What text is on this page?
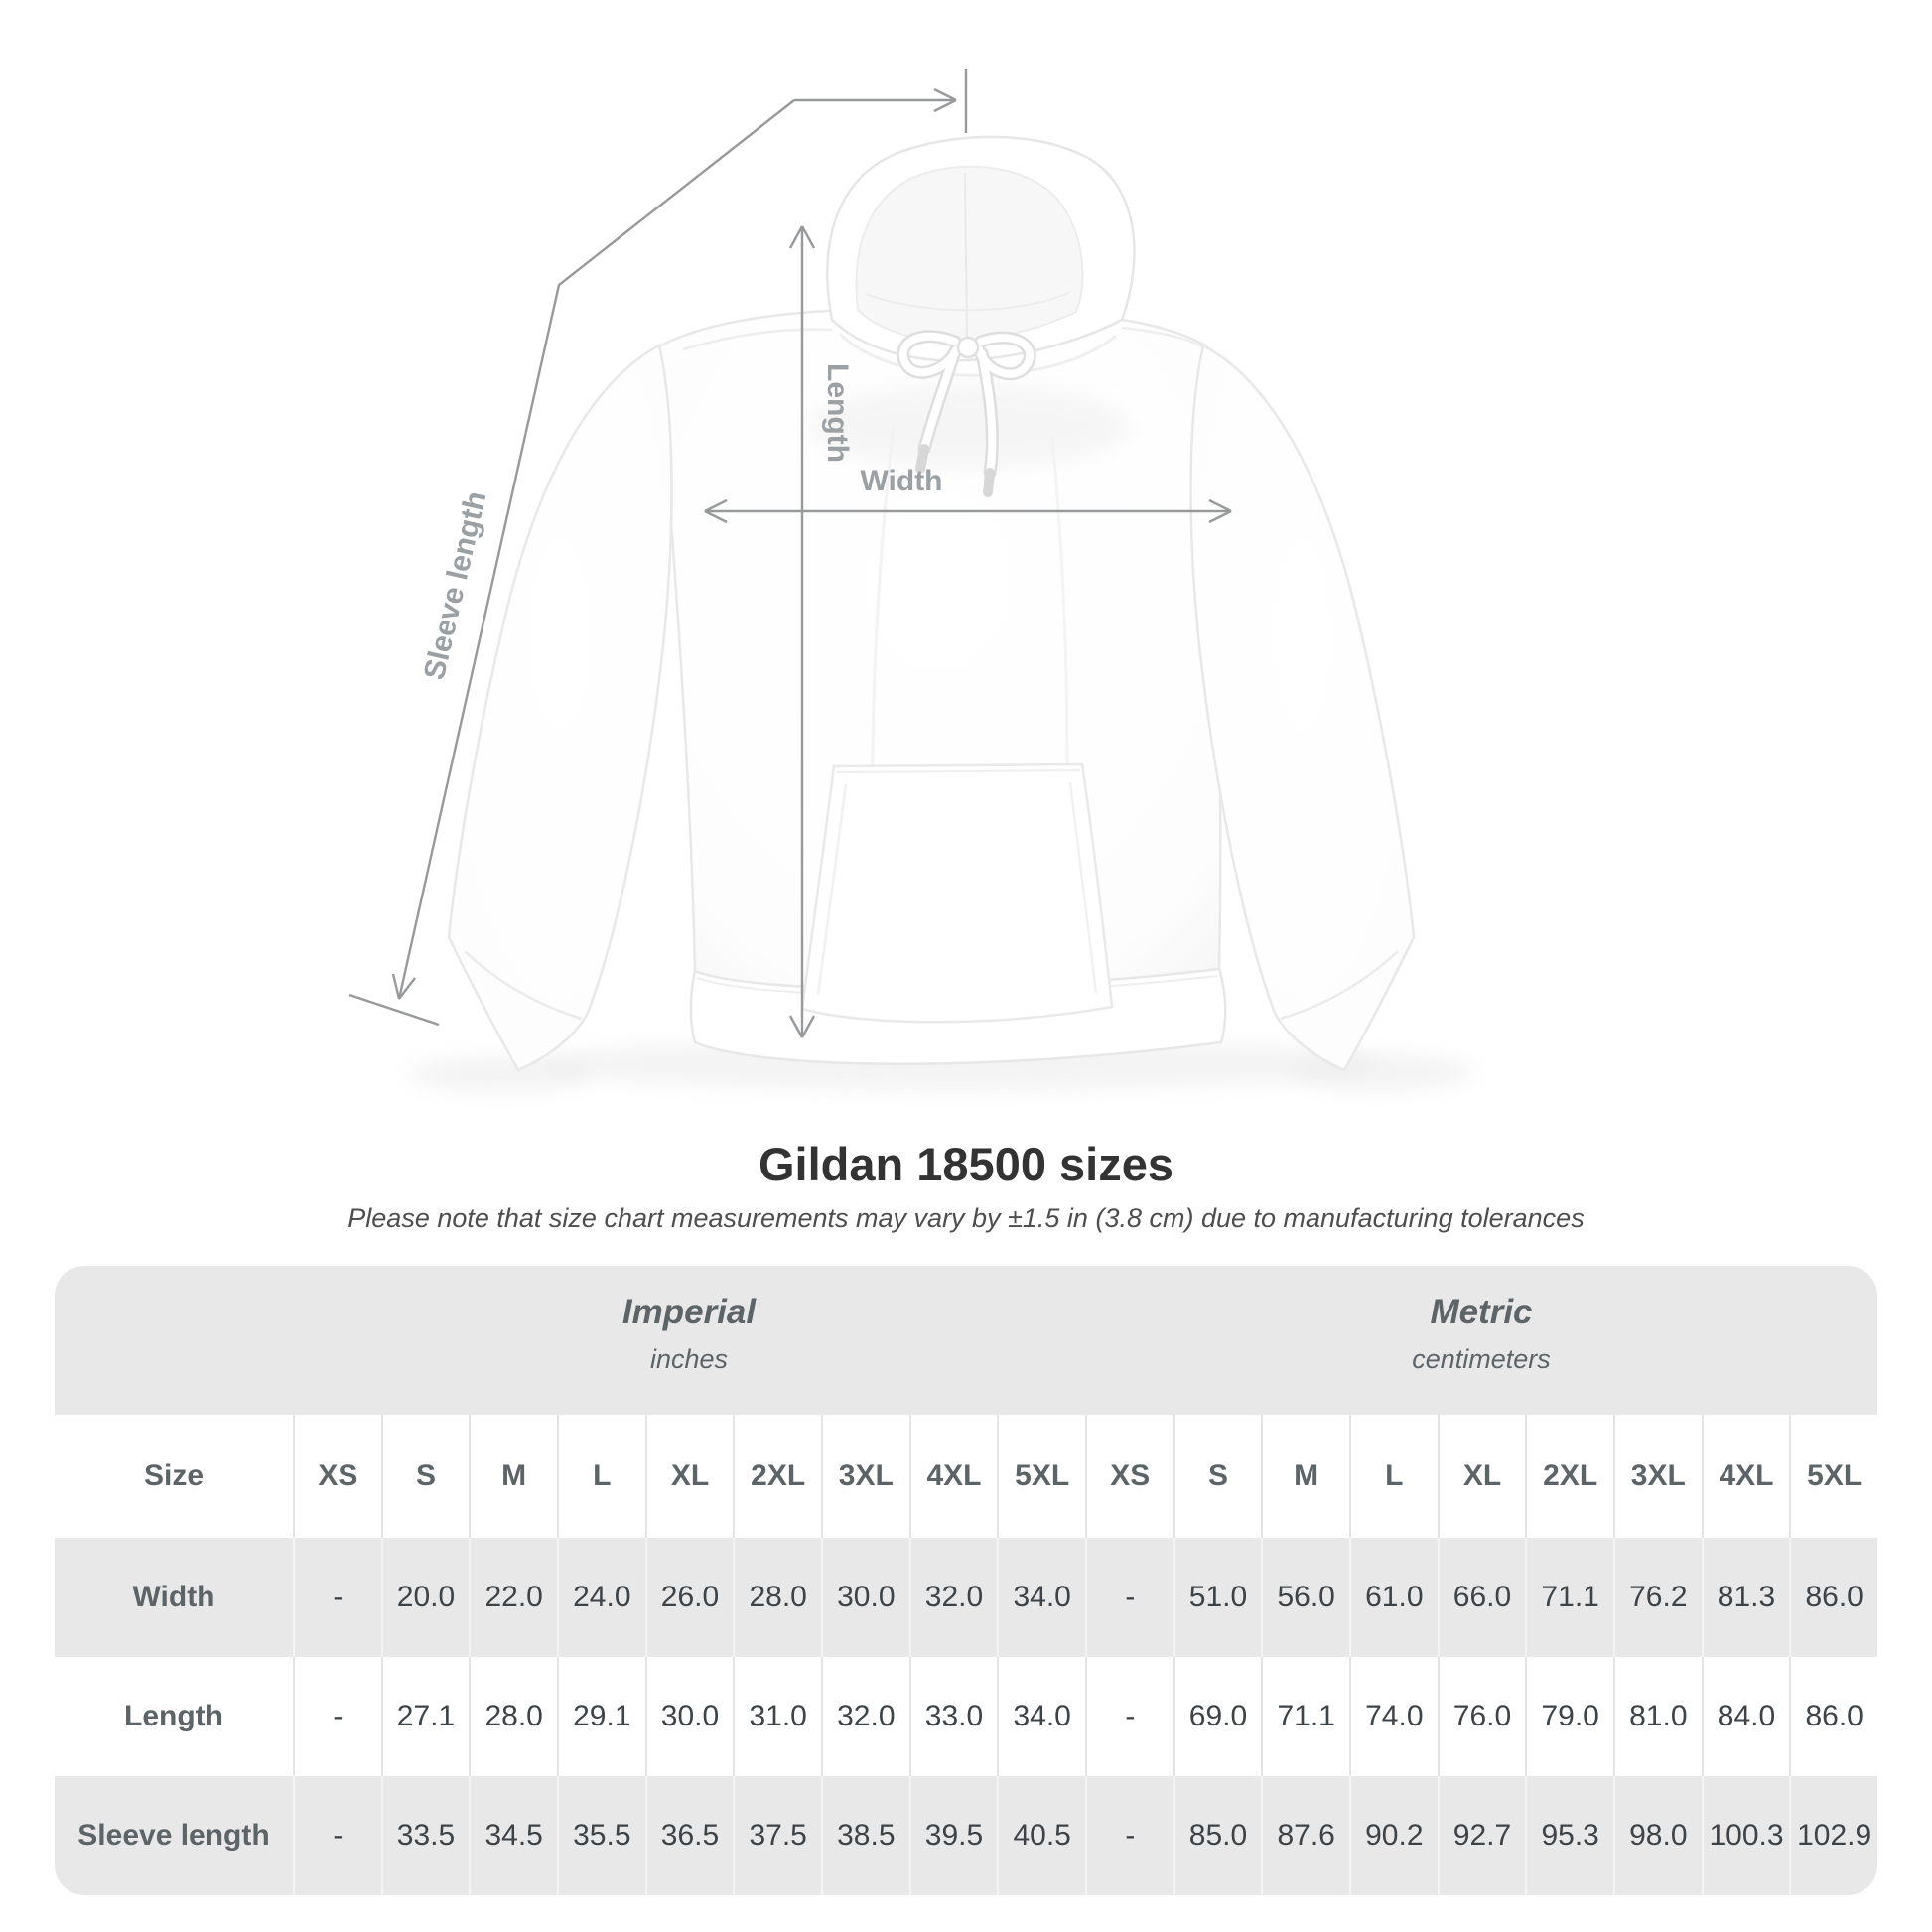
Sleeve length
Length
Width
Gildan 18500 sizes

Please note that size chart measurements may vary by ±1.5 in (3.8 cm) due to manufacturing tolerances

Imperial
inches
Metric
centimeters
Size	XS	S	M	L	XL	2XL	3XL	4XL	5XL	XS	S	M	L	XL	2XL	3XL	4XL	5XL
Width	-	20.0	22.0	24.0	26.0	28.0	30.0	32.0	34.0	-	51.0	56.0	61.0	66.0	71.1	76.2	81.3	86.0
Length	-	27.1	28.0	29.1	30.0	31.0	32.0	33.0	34.0	-	69.0	71.1	74.0	76.0	79.0	81.0	84.0	86.0
Sleeve length	-	33.5	34.5	35.5	36.5	37.5	38.5	39.5	40.5	-	85.0	87.6	90.2	92.7	95.3	98.0 100.3 102.9
